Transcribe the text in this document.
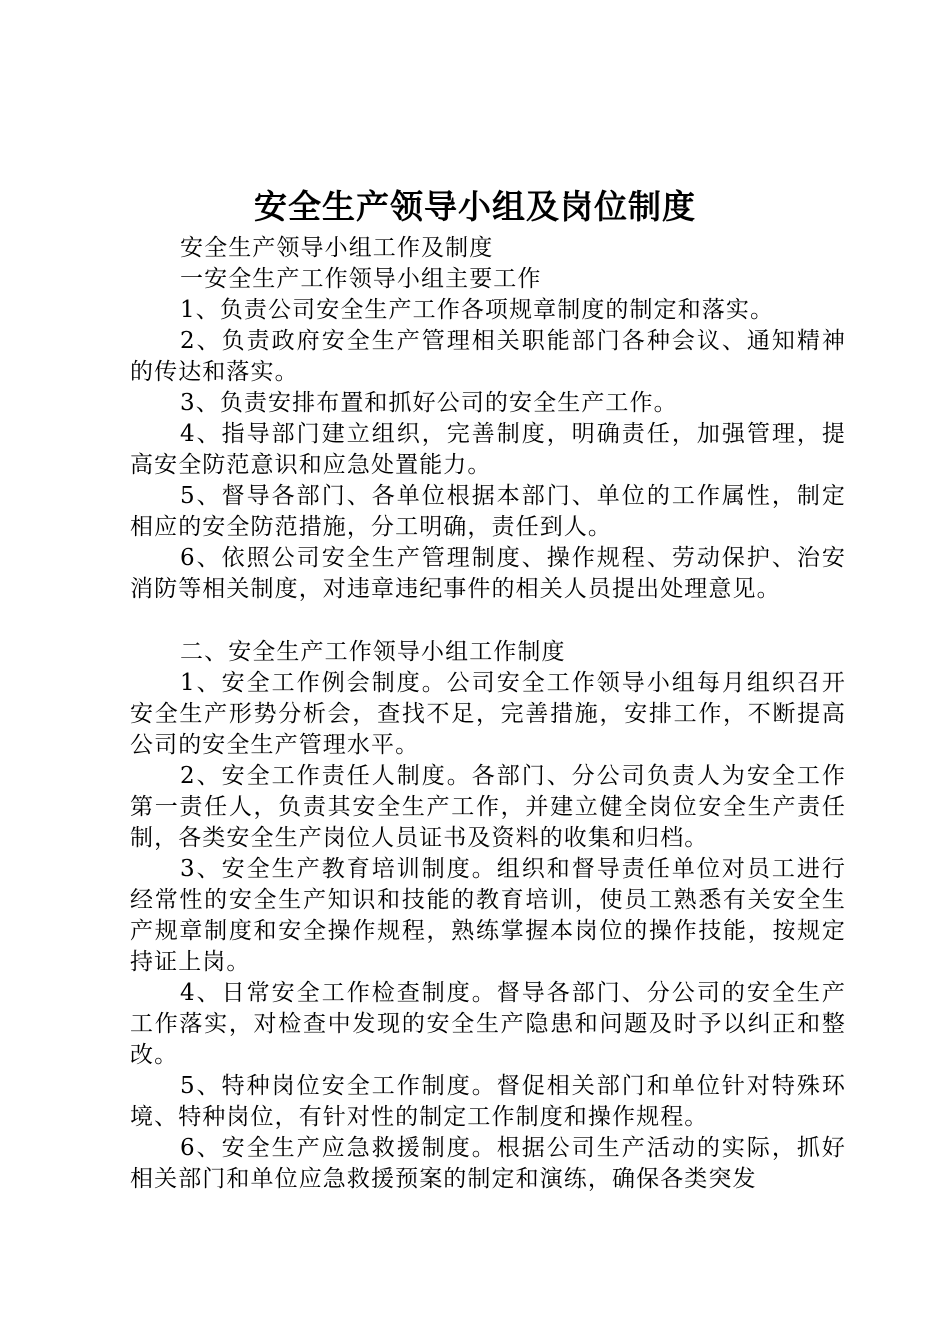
安全生产领导小组及岗位制度

安全生产领导小组工作及制度

一安全生产工作领导小组主要工作

1、负责公司安全生产工作各项规章制度的制定和落实。

2、负责政府安全生产管理相关职能部门各种会议、通知精神的传达和落实。

3、负责安排布置和抓好公司的安全生产工作。

4、指导部门建立组织，完善制度，明确责任，加强管理，提高安全防范意识和应急处置能力。

5、督导各部门、各单位根据本部门、单位的工作属性，制定相应的安全防范措施，分工明确，责任到人。

6、依照公司安全生产管理制度、操作规程、劳动保护、治安消防等相关制度，对违章违纪事件的相关人员提出处理意见。

二、安全生产工作领导小组工作制度

1、安全工作例会制度。公司安全工作领导小组每月组织召开安全生产形势分析会，查找不足，完善措施，安排工作，不断提高公司的安全生产管理水平。

2、安全工作责任人制度。各部门、分公司负责人为安全工作第一责任人，负责其安全生产工作，并建立健全岗位安全生产责任制，各类安全生产岗位人员证书及资料的收集和归档。

3、安全生产教育培训制度。组织和督导责任单位对员工进行经常性的安全生产知识和技能的教育培训，使员工熟悉有关安全生产规章制度和安全操作规程，熟练掌握本岗位的操作技能，按规定持证上岗。

4、日常安全工作检查制度。督导各部门、分公司的安全生产工作落实，对检查中发现的安全生产隐患和问题及时予以纠正和整改。

5、特种岗位安全工作制度。督促相关部门和单位针对特殊环境、特种岗位，有针对性的制定工作制度和操作规程。

6、安全生产应急救援制度。根据公司生产活动的实际，抓好相关部门和单位应急救援预案的制定和演练，确保各类突发
